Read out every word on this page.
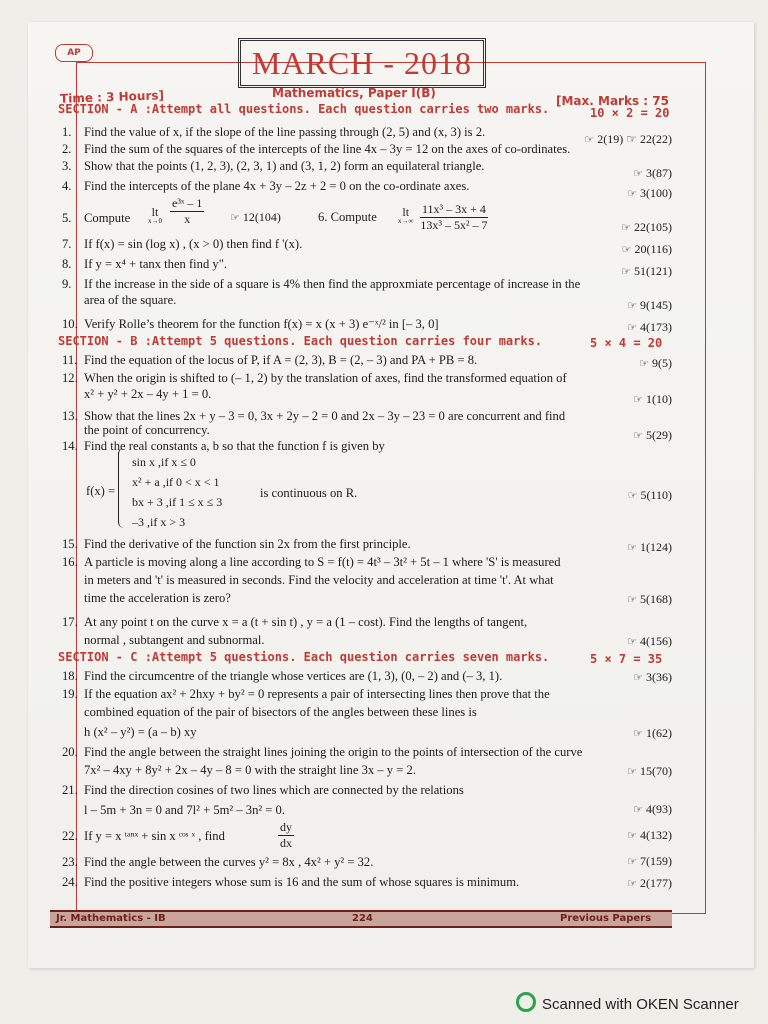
AP	MARCH - 2018
Time : 3 Hours]	Mathematics, Paper I(B)
[Max. Marks : 75
SECTION - A :Attempt all questions. Each question carries two marks.	10 × 2 = 20
1. Find the value of x, if the slope of the line passing through (2, 5) and (x, 3) is 2.
☞ 2(19) ☞ 22(22)
2. Find the sum of the squares of the intercepts of the line 4x – 3y = 12 on the axes of co-ordinates.
3. Show that the points (1, 2, 3), (2, 3, 1) and (3, 1, 2) form an equilateral triangle.
☞ 3(87)
4. Find the intercepts of the plane 4x + 3y – 2z + 2 = 0 on the co-ordinate axes.
☞ 3(100)
5. Compute	lt
$x\to 0 \frac{\text{e³ˣ – 1}}{x}$ ☞ 12(104)	6. Compute	lt
$x\to\infty \frac{\text{11x³ – 3x + 4}}{\text{13x³ – 5x² – 7}}$	☞ 22(105)
7. If f(x) = sin (log x) , (x > 0) then find f '(x).	☞ 20(116)
8. If y = x⁴ + tanx then find y".
☞ 51(121)
9. If the increase in the side of a square is 4% then find the approxmiate percentage of increase in the
area of the square.	☞ 9(145)
10. Verify Rolle’s theorem for the function f(x) = x (x + 3) e⁻ˣ/² in [– 3, 0]	☞ 4(173)
SECTION - B :Attempt 5 questions. Each question carries four marks.	5 × 4 = 20
11. Find the equation of the locus of P, if A = (2, 3), B = (2, – 3) and PA + PB = 8.	☞ 9(5)
12. When the origin is shifted to (– 1, 2) by the translation of axes, find the transformed equation of
x² + y² + 2x – 4y + 1 = 0.	☞ 1(10)
13. Show that the lines 2x + y – 3 = 0, 3x + 2y – 2 = 0 and 2x – 3y – 23 = 0 are concurrent and find
the point of concurrency.	☞ 5(29)
14. Find the real constants a, b so that the function f is given by
f(x) =
sin x ,if x ≤ 0
x² + a ,if 0 < x < 1
bx + 3 ,if 1 ≤ x ≤ 3
–3 ,if x > 3
is continuous on R.	☞ 5(110)
15. Find the derivative of the function sin 2x from the first principle.	☞ 1(124)
16. A particle is moving along a line according to S = f(t) = 4t³ – 3t² + 5t – 1 where 'S' is measured
in meters and 't' is measured in seconds. Find the velocity and acceleration at time 't'. At what
time the acceleration is zero?	☞ 5(168)
17. At any point t on the curve x = a (t + sin t) , y = a (1 – cost). Find the lengths of tangent,
normal , subtangent and subnormal.	☞ 4(156)
SECTION - C :Attempt 5 questions. Each question carries seven marks.	5 × 7 = 35
18. Find the circumcentre of the triangle whose vertices are (1, 3), (0, – 2) and (– 3, 1).	☞ 3(36)
19. If the equation ax² + 2hxy + by² = 0 represents a pair of intersecting lines then prove that the
combined equation of the pair of bisectors of the angles between these lines is
h (x² – y²) = (a – b) xy	☞ 1(62)
20. Find the angle between the straight lines joining the origin to the points of intersection of the curve
7x² – 4xy + 8y² + 2x – 4y – 8 = 0 with the straight line 3x – y = 2.	☞ 15(70)
21. Find the direction cosines of two lines which are connected by the relations
l – 5m + 3n = 0 and 7l² + 5m² – 3n² = 0.	☞ 4(93)
22. If y = x ᵗᵃⁿˣ + sin x ᶜᵒˢ ˣ , find	$\frac{dy}{dx}$	☞ 4(132)
23. Find the angle between the curves y² = 8x , 4x² + y² = 32.	☞ 7(159)
24. Find the positive integers whose sum is 16 and the sum of whose squares is minimum.	☞ 2(177)
Jr. Mathematics - IB	224	Previous Papers
Scanned with OKEN Scanner
